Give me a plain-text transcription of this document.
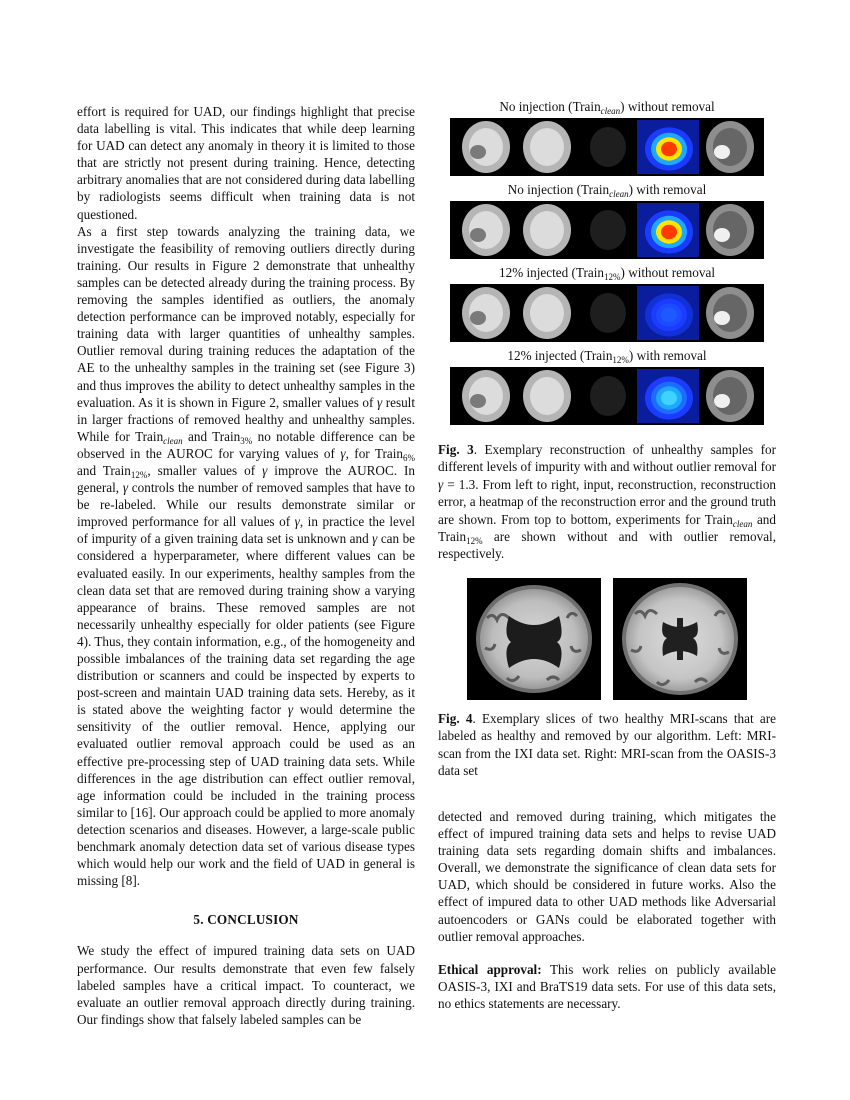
effort is required for UAD, our findings highlight that precise data labelling is vital. This indicates that while deep learning for UAD can detect any anomaly in theory it is limited to those that are strictly not present during training. Hence, detecting arbitrary anomalies that are not considered during data labelling by radiologists seems difficult when training data is not questioned.

As a first step towards analyzing the training data, we investigate the feasibility of removing outliers directly during training. Our results in Figure 2 demonstrate that unhealthy samples can be detected already during the training process. By removing the samples identified as outliers, the anomaly detection performance can be improved notably, especially for training data with larger quantities of unhealthy samples. Outlier removal during training reduces the adaptation of the AE to the unhealthy samples in the training set (see Figure 3) and thus improves the ability to detect unhealthy samples in the evaluation. As it is shown in Figure 2, smaller values of γ result in larger fractions of removed healthy and unhealthy samples. While for Train$_{clean}$ and Train$_{3\%}$ no notable difference can be observed in the AUROC for varying values of γ, for Train$_{6\%}$ and Train$_{12\%}$, smaller values of γ improve the AUROC. In general, γ controls the number of removed samples that have to be re-labeled. While our results demonstrate similar or improved performance for all values of γ, in practice the level of impurity of a given training data set is unknown and γ can be considered a hyperparameter, where different values can be evaluated easily. In our experiments, healthy samples from the clean data set that are removed during training show a varying appearance of brains. These removed samples are not necessarily unhealthy especially for older patients (see Figure 4). Thus, they contain information, e.g., of the homogeneity and possible imbalances of the training data set regarding the age distribution or scanners and could be inspected by experts to post-screen and maintain UAD training data sets. Hereby, as it is stated above the weighting factor γ would determine the sensitivity of the outlier removal. Hence, applying our evaluated outlier removal approach could be used as an effective pre-processing step of UAD training data sets. While differences in the age distribution can effect outlier removal, age information could be included in the training process similar to [16]. Our approach could be applied to more anomaly detection scenarios and diseases. However, a large-scale public benchmark anomaly detection data set of various disease types which would help our work and the field of UAD in general is missing [8].

5. CONCLUSION

We study the effect of impured training data sets on UAD performance. Our results demonstrate that even few falsely labeled samples have a critical impact. To counteract, we evaluate an outlier removal approach directly during training. Our findings show that falsely labeled samples can be

No injection (Train$_{clean}$) without removal
No injection (Train$_{clean}$) with removal
12% injected (Train$_{12\%}$) without removal
12% injected (Train$_{12\%}$) with removal
Fig. 3. Exemplary reconstruction of unhealthy samples for different levels of impurity with and without outlier removal for γ = 1.3. From left to right, input, reconstruction, reconstruction error, a heatmap of the reconstruction error and the ground truth are shown. From top to bottom, experiments for Train$_{clean}$ and Train$_{12\%}$ are shown without and with outlier removal, respectively.
Fig. 4. Exemplary slices of two healthy MRI-scans that are labeled as healthy and removed by our algorithm. Left: MRI-scan from the IXI data set. Right: MRI-scan from the OASIS-3 data set

detected and removed during training, which mitigates the effect of impured training data sets and helps to revise UAD training data sets regarding domain shifts and imbalances. Overall, we demonstrate the significance of clean data sets for UAD, which should be considered in future works. Also the effect of impured data to other UAD methods like Adversarial autoencoders or GANs could be elaborated together with outlier removal approaches.

Ethical approval: This work relies on publicly available OASIS-3, IXI and BraTS19 data sets. For use of this data sets, no ethics statements are necessary.
